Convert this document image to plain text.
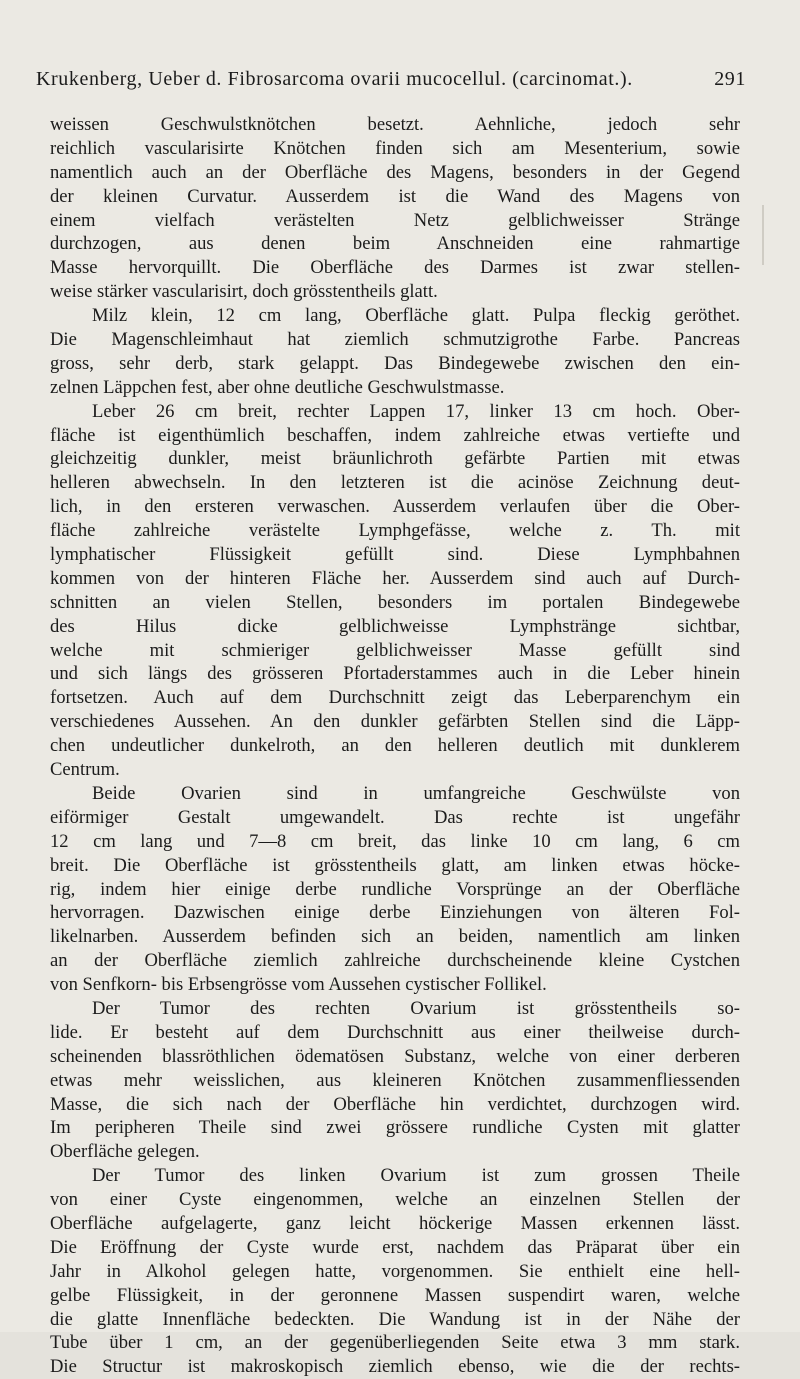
Krukenberg, Ueber d. Fibrosarcoma ovarii mucocellul. (carcinomat.).	291
weissen Geschwulstknötchen besetzt. Aehnliche, jedoch sehr
reichlich vascularisirte Knötchen finden sich am Mesenterium, sowie
namentlich auch an der Oberfläche des Magens, besonders in der Gegend
der kleinen Curvatur. Ausserdem ist die Wand des Magens von
einem vielfach verästelten Netz gelblichweisser Stränge
durchzogen, aus denen beim Anschneiden eine rahmartige
Masse hervorquillt. Die Oberfläche des Darmes ist zwar stellen-
weise stärker vascularisirt, doch grösstentheils glatt.
Milz klein, 12 cm lang, Oberfläche glatt. Pulpa fleckig geröthet.
Die Magenschleimhaut hat ziemlich schmutzigrothe Farbe. Pancreas
gross, sehr derb, stark gelappt. Das Bindegewebe zwischen den ein-
zelnen Läppchen fest, aber ohne deutliche Geschwulstmasse.
Leber 26 cm breit, rechter Lappen 17, linker 13 cm hoch. Ober-
fläche ist eigenthümlich beschaffen, indem zahlreiche etwas vertiefte und
gleichzeitig dunkler, meist bräunlichroth gefärbte Partien mit etwas
helleren abwechseln. In den letzteren ist die acinöse Zeichnung deut-
lich, in den ersteren verwaschen. Ausserdem verlaufen über die Ober-
fläche zahlreiche verästelte Lymphgefässe, welche z. Th. mit
lymphatischer Flüssigkeit gefüllt sind. Diese Lymphbahnen
kommen von der hinteren Fläche her. Ausserdem sind auch auf Durch-
schnitten an vielen Stellen, besonders im portalen Bindegewebe
des Hilus dicke gelblichweisse Lymphstränge sichtbar,
welche mit schmieriger gelblichweisser Masse gefüllt sind
und sich längs des grösseren Pfortaderstammes auch in die Leber hinein
fortsetzen. Auch auf dem Durchschnitt zeigt das Leberparenchym ein
verschiedenes Aussehen. An den dunkler gefärbten Stellen sind die Läpp-
chen undeutlicher dunkelroth, an den helleren deutlich mit dunklerem
Centrum.
Beide Ovarien sind in umfangreiche Geschwülste von
eiförmiger Gestalt umgewandelt. Das rechte ist ungefähr
12 cm lang und 7—8 cm breit, das linke 10 cm lang, 6 cm
breit. Die Oberfläche ist grösstentheils glatt, am linken etwas höcke-
rig, indem hier einige derbe rundliche Vorsprünge an der Oberfläche
hervorragen. Dazwischen einige derbe Einziehungen von älteren Fol-
likelnarben. Ausserdem befinden sich an beiden, namentlich am linken
an der Oberfläche ziemlich zahlreiche durchscheinende kleine Cystchen
von Senfkorn- bis Erbsengrösse vom Aussehen cystischer Follikel.
Der Tumor des rechten Ovarium ist grösstentheils so-
lide. Er besteht auf dem Durchschnitt aus einer theilweise durch-
scheinenden blassröthlichen ödematösen Substanz, welche von einer derberen
etwas mehr weisslichen, aus kleineren Knötchen zusammenfliessenden
Masse, die sich nach der Oberfläche hin verdichtet, durchzogen wird.
Im peripheren Theile sind zwei grössere rundliche Cysten mit glatter
Oberfläche gelegen.
Der Tumor des linken Ovarium ist zum grossen Theile
von einer Cyste eingenommen, welche an einzelnen Stellen der
Oberfläche aufgelagerte, ganz leicht höckerige Massen erkennen lässt.
Die Eröffnung der Cyste wurde erst, nachdem das Präparat über ein
Jahr in Alkohol gelegen hatte, vorgenommen. Sie enthielt eine hell-
gelbe Flüssigkeit, in der geronnene Massen suspendirt waren, welche
die glatte Innenfläche bedeckten. Die Wandung ist in der Nähe der
Tube über 1 cm, an der gegenüberliegenden Seite etwa 3 mm stark.
Die Structur ist makroskopisch ziemlich ebenso, wie die der rechts-
